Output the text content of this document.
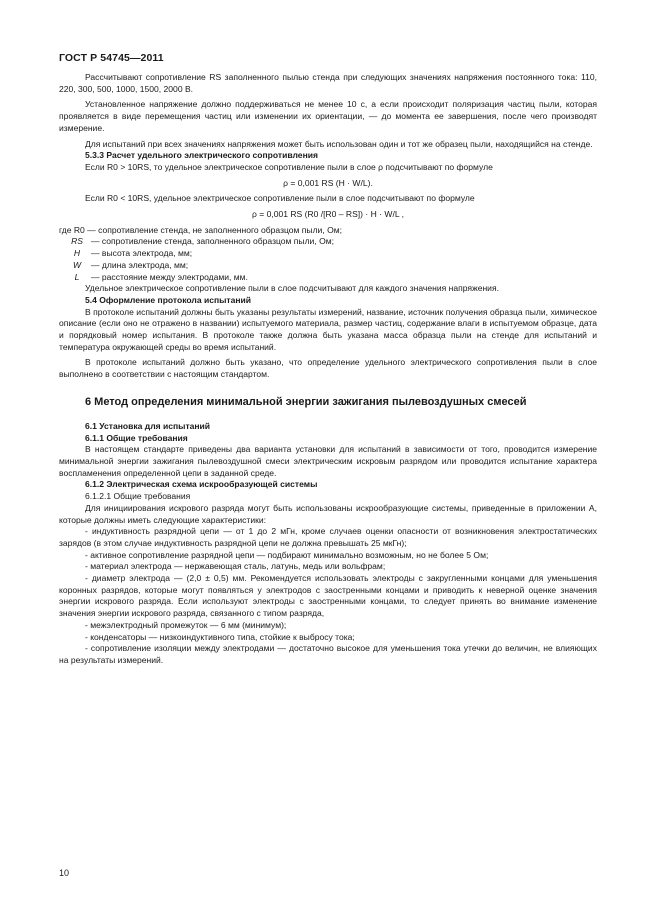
ГОСТ Р 54745—2011

Рассчитывают сопротивление RS заполненного пылью стенда при следующих значениях напряжения постоянного тока: 110, 220, 300, 500, 1000, 1500, 2000 В.

Установленное напряжение должно поддерживаться не менее 10 с, а если происходит поляризация частиц пыли, которая проявляется в виде перемещения частиц или изменении их ориентации, — до момента ее завершения, после чего производят измерение.

Для испытаний при всех значениях напряжения может быть использован один и тот же образец пыли, находящийся на стенде.

5.3.3 Расчет удельного электрического сопротивления

Если R0 > 10RS, то удельное электрическое сопротивление пыли в слое ρ подсчитывают по формуле

ρ = 0,001 RS (H · W/L).

Если R0 < 10RS, удельное электрическое сопротивление пыли в слое подсчитывают по формуле

ρ = 0,001 RS (R0 /[R0 – RS]) · H · W/L ,

где R0 — сопротивление стенда, не заполненного образцом пыли, Ом;

RS — сопротивление стенда, заполненного образцом пыли, Ом;

H — высота электрода, мм;

W — длина электрода, мм;

L — расстояние между электродами, мм.

Удельное электрическое сопротивление пыли в слое подсчитывают для каждого значения напряжения.

5.4 Оформление протокола испытаний

В протоколе испытаний должны быть указаны результаты измерений, название, источник получения образца пыли, химическое описание (если оно не отражено в названии) испытуемого материала, размер частиц, содержание влаги в испытуемом образце, дата и порядковый номер испытания. В протоколе также должна быть указана масса образца пыли на стенде для испытаний и температура окружающей среды во время испытаний.

В протоколе испытаний должно быть указано, что определение удельного электрического сопротивления пыли в слое выполнено в соответствии с настоящим стандартом.

6 Метод определения минимальной энергии зажигания пылевоздушных смесей

6.1 Установка для испытаний

6.1.1 Общие требования

В настоящем стандарте приведены два варианта установки для испытаний в зависимости от того, проводится измерение минимальной энергии зажигания пылевоздушной смеси электрическим искровым разрядом или проводится испытание характера воспламенения определенной цепи в заданной среде.

6.1.2 Электрическая схема искрообразующей системы

6.1.2.1 Общие требования

Для инициирования искрового разряда могут быть использованы искрообразующие системы, приведенные в приложении А, которые должны иметь следующие характеристики:

- индуктивность разрядной цепи — от 1 до 2 мГн, кроме случаев оценки опасности от возникновения электростатических зарядов (в этом случае индуктивность разрядной цепи не должна превышать 25 мкГн);

- активное сопротивление разрядной цепи — подбирают минимально возможным, но не более 5 Ом;

- материал электрода — нержавеющая сталь, латунь, медь или вольфрам;

- диаметр электрода — (2,0 ± 0,5) мм. Рекомендуется использовать электроды с закругленными концами для уменьшения коронных разрядов, которые могут появляться у электродов с заостренными концами и приводить к неверной оценке значения энергии искрового разряда. Если используют электроды с заостренными концами, то следует принять во внимание изменение значения энергии искрового разряда, связанного с типом разряда,

- межэлектродный промежуток — 6 мм (минимум);

- конденсаторы — низкоиндуктивного типа, стойкие к выбросу тока;

- сопротивление изоляции между электродами — достаточно высокое для уменьшения тока утечки до величин, не влияющих на результаты измерений.

10
